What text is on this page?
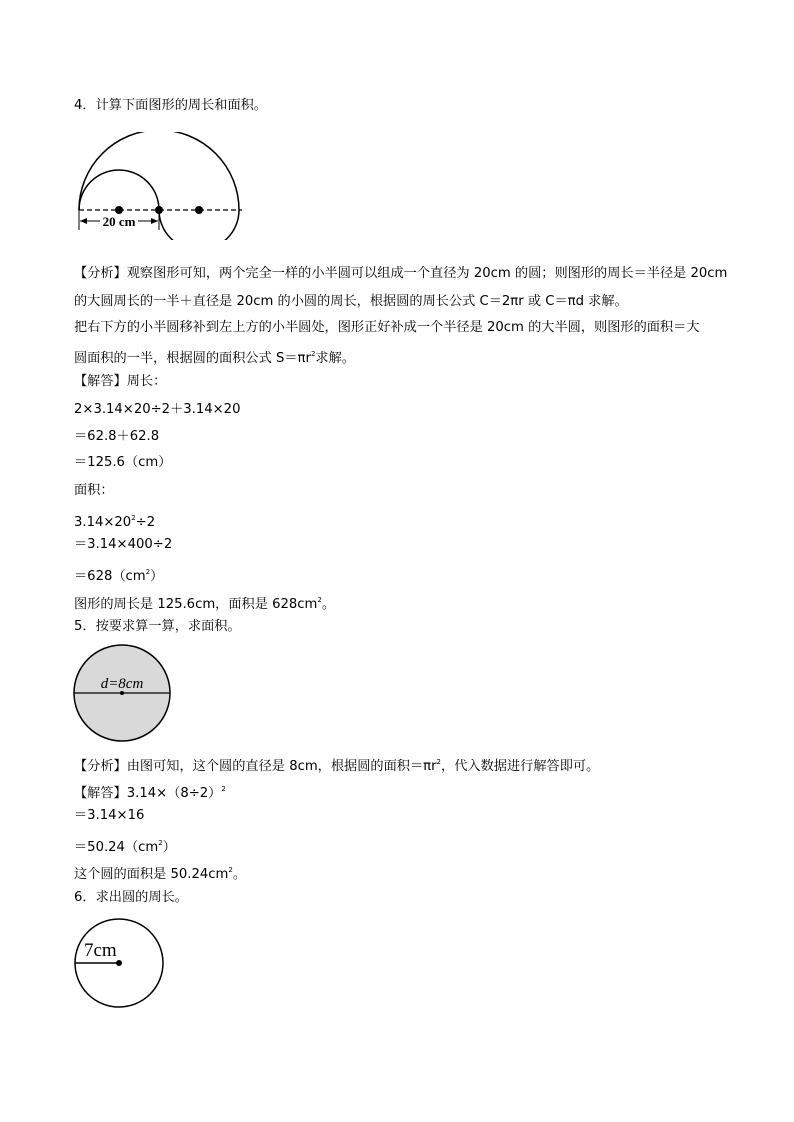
4．计算下面图形的周长和面积。
20 cm
【分析】观察图形可知，两个完全一样的小半圆可以组成一个直径为 20cm 的圆；则图形的周长＝半径是 20cm
的大圆周长的一半＋直径是 20cm 的小圆的周长，根据圆的周长公式 C＝2πr 或 C＝πd 求解。
把右下方的小半圆移补到左上方的小半圆处，图形正好补成一个半径是 20cm 的大半圆，则图形的面积＝大
圆面积的一半，根据圆的面积公式 $S=\pi r^2$求解。
【解答】周长：
2×3.14×20÷2＋3.14×20
＝62.8＋62.8
＝125.6（cm）
面积：
$3.14\times 20^2\div 2$
＝3.14×400÷2
$=628(cm^2)$
图形的周长是 125.6cm，面积是 $628cm^2$。
5．按要求算一算，求面积。
d=8cm
【分析】由图可知，这个圆的直径是 8cm，根据圆的面积$=\pi r^2$，代入数据进行解答即可。
【解答】$3.14\times(8\div 2)^2$
＝3.14×16
$=50.24(cm^2)$
这个圆的面积是 $50.24cm^2$。
6．求出圆的周长。
7cm
